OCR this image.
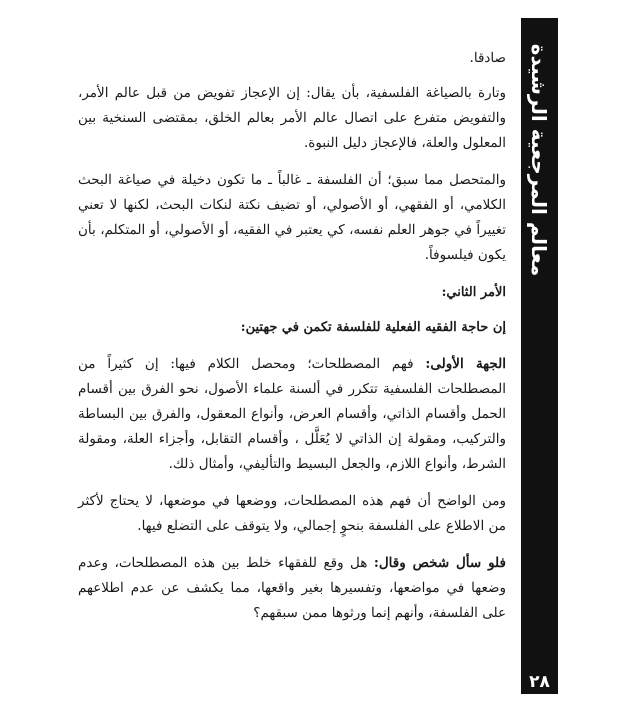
معالم المرجعية الرشيدة
٢٨

صادقا.

وتارة بالصياغة الفلسفية، بأن يقال: إن الإعجاز تفويض من قبل عالم الأمر، والتفويض متفرع على اتصال عالم الأمر بعالم الخلق، بمقتضى السنخية بين المعلول والعلة، فالإعجاز دليل النبوة.

والمتحصل مما سبق؛ أن الفلسفة ـ غالباً ـ ما تكون دخيلة في صياغة البحث الكلامي، أو الفقهي، أو الأصولي، أو تضيف نكتة لنكات البحث، لكنها لا تعني تغييراً في جوهر العلم نفسه، كي يعتبر في الفقيه، أو الأصولي، أو المتكلم، بأن يكون فيلسوفاً.

الأمر الثاني:

إن حاجة الفقيه الفعلية للفلسفة تكمن في جهتين:

الجهة الأولى: فهم المصطلحات؛ ومحصل الكلام فيها: إن كثيراً من المصطلحات الفلسفية تتكرر في ألسنة علماء الأصول، نحو الفرق بين أقسام الحمل وأقسام الذاتي، وأقسام العرض، وأنواع المعقول، والفرق بين البساطة والتركيب، ومقولة إن الذاتي لا يُعَلَّل ، وأقسام التقابل، وأجزاء العلة، ومقولة الشرط، وأنواع اللازم، والجعل البسيط والتأليفي، وأمثال ذلك.

ومن الواضح أن فهم هذه المصطلحات، ووضعها في موضعها، لا يحتاج لأكثر من الاطلاع على الفلسفة بنحوٍ إجمالي، ولا يتوقف على التضلع فيها.

فلو سأل شخص وقال: هل وقع للفقهاء خلط بين هذه المصطلحات، وعدم وضعها في مواضعها، وتفسيرها بغير واقعها، مما يكشف عن عدم اطلاعهم على الفلسفة، وأنهم إنما ورثوها ممن سبقهم؟
